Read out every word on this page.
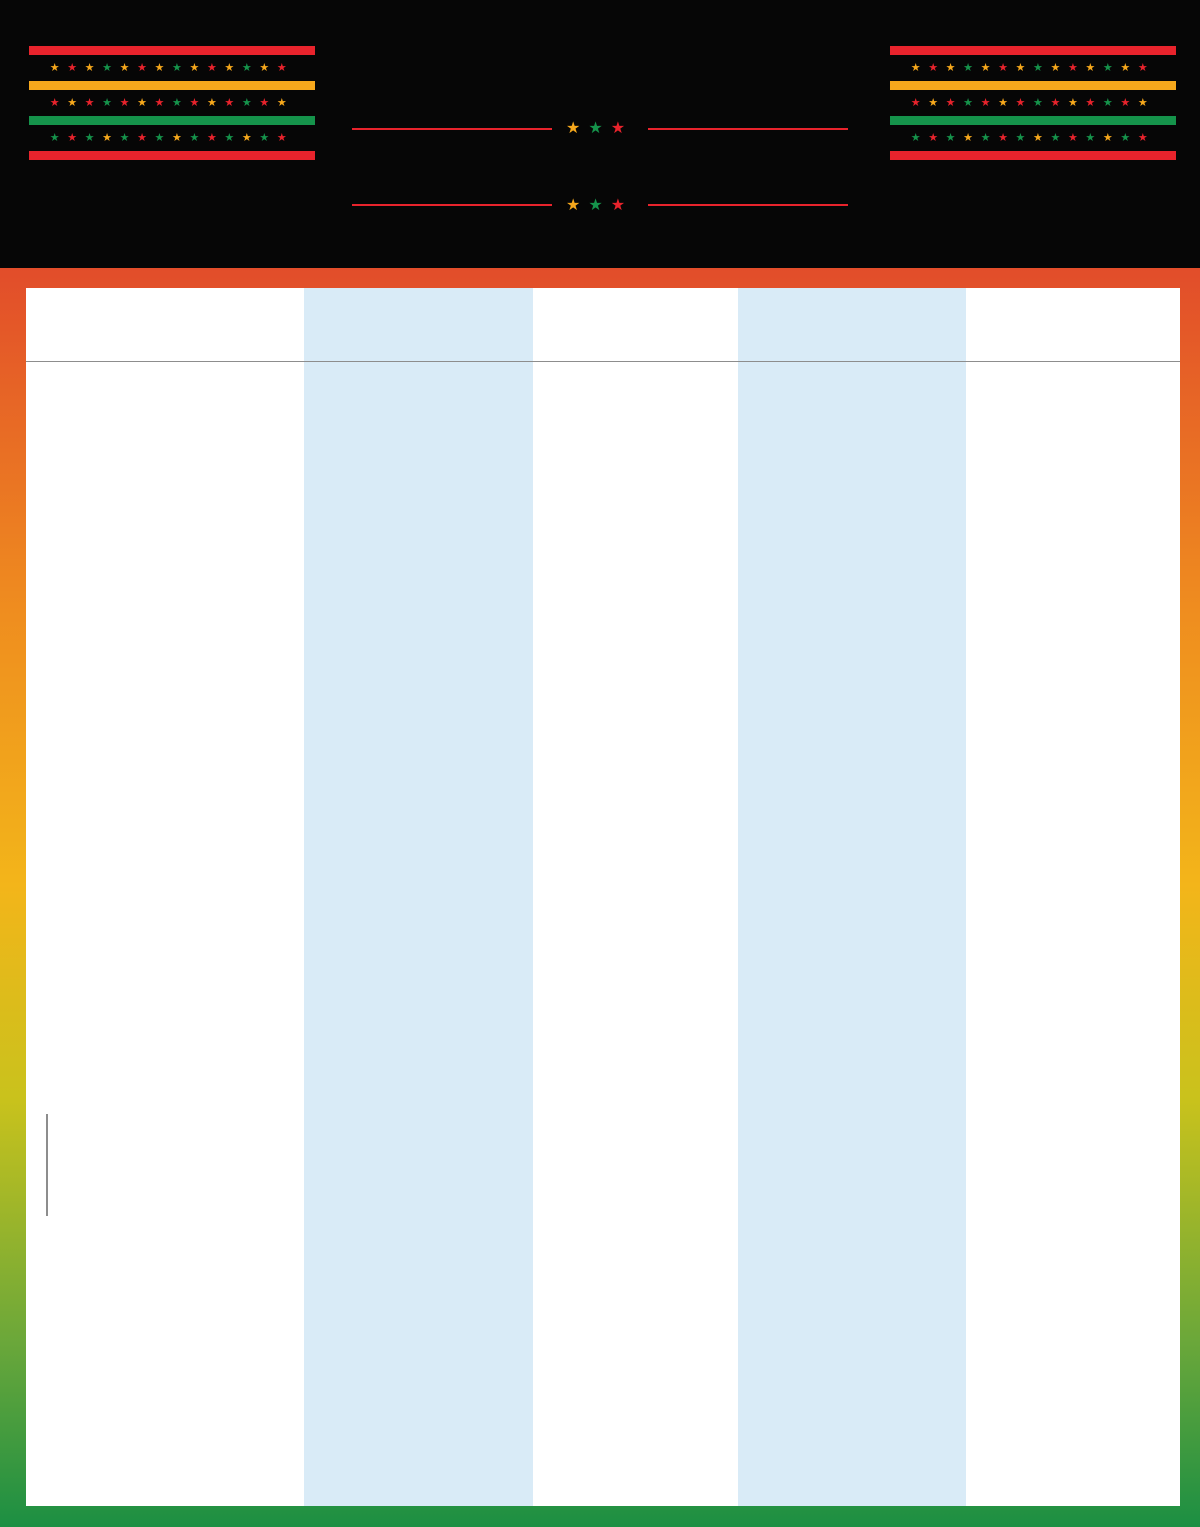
★★★★★★★★★★★★★★
★★★★★★★★★★★★★★
★★★★★★★★★★★★★★
★★★★★★★★★★★★★★
★★★★★★★★★★★★★★
★★★★★★★★★★★★★★
★★★
★★★
